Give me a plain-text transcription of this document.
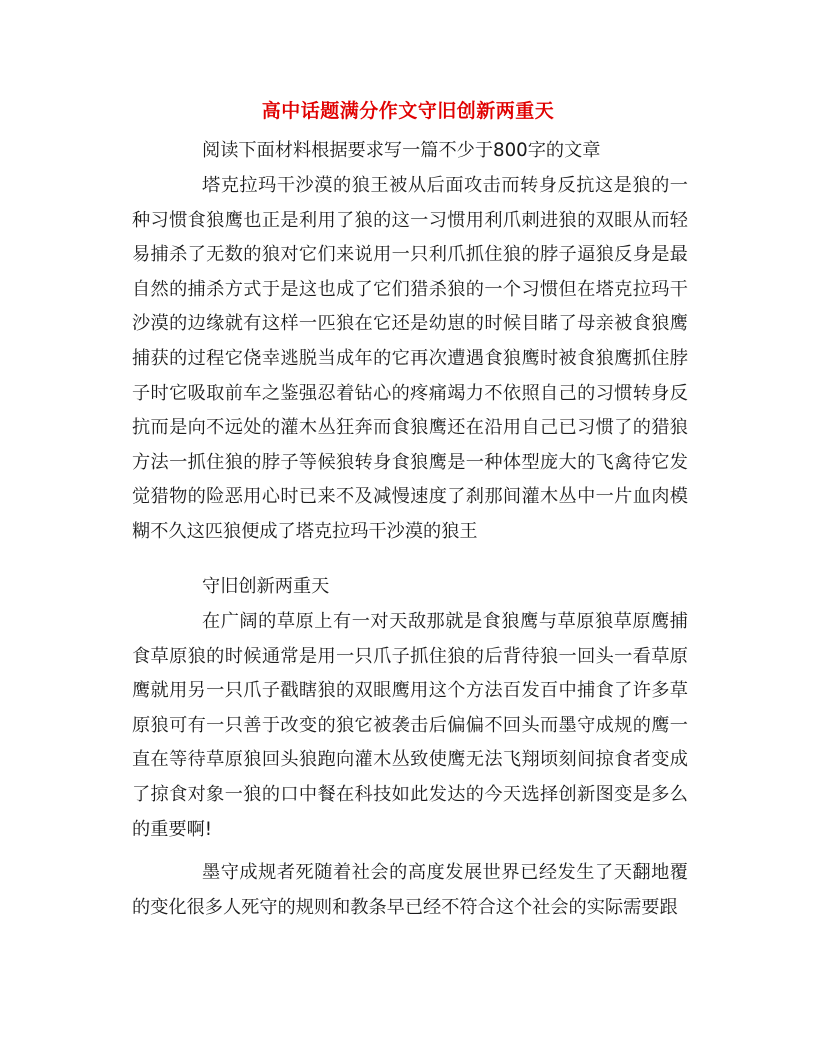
高中话题满分作文守旧创新两重天
阅读下面材料根据要求写一篇不少于800字的文章
塔克拉玛干沙漠的狼王被从后面攻击而转身反抗这是狼的一种习惯食狼鹰也正是利用了狼的这一习惯用利爪刺进狼的双眼从而轻易捕杀了无数的狼对它们来说用一只利爪抓住狼的脖子逼狼反身是最自然的捕杀方式于是这也成了它们猎杀狼的一个习惯但在塔克拉玛干沙漠的边缘就有这样一匹狼在它还是幼崽的时候目睹了母亲被食狼鹰捕获的过程它侥幸逃脱当成年的它再次遭遇食狼鹰时被食狼鹰抓住脖子时它吸取前车之鉴强忍着钻心的疼痛竭力不依照自己的习惯转身反抗而是向不远处的灌木丛狂奔而食狼鹰还在沿用自己已习惯了的猎狼方法一抓住狼的脖子等候狼转身食狼鹰是一种体型庞大的飞禽待它发觉猎物的险恶用心时已来不及减慢速度了刹那间灌木丛中一片血肉模糊不久这匹狼便成了塔克拉玛干沙漠的狼王
守旧创新两重天
在广阔的草原上有一对天敌那就是食狼鹰与草原狼草原鹰捕食草原狼的时候通常是用一只爪子抓住狼的后背待狼一回头一看草原鹰就用另一只爪子戳瞎狼的双眼鹰用这个方法百发百中捕食了许多草原狼可有一只善于改变的狼它被袭击后偏偏不回头而墨守成规的鹰一直在等待草原狼回头狼跑向灌木丛致使鹰无法飞翔顷刻间掠食者变成了掠食对象一狼的口中餐在科技如此发达的今天选择创新图变是多么的重要啊!
墨守成规者死随着社会的高度发展世界已经发生了天翻地覆的变化很多人死守的规则和教条早已经不符合这个社会的实际需要跟
